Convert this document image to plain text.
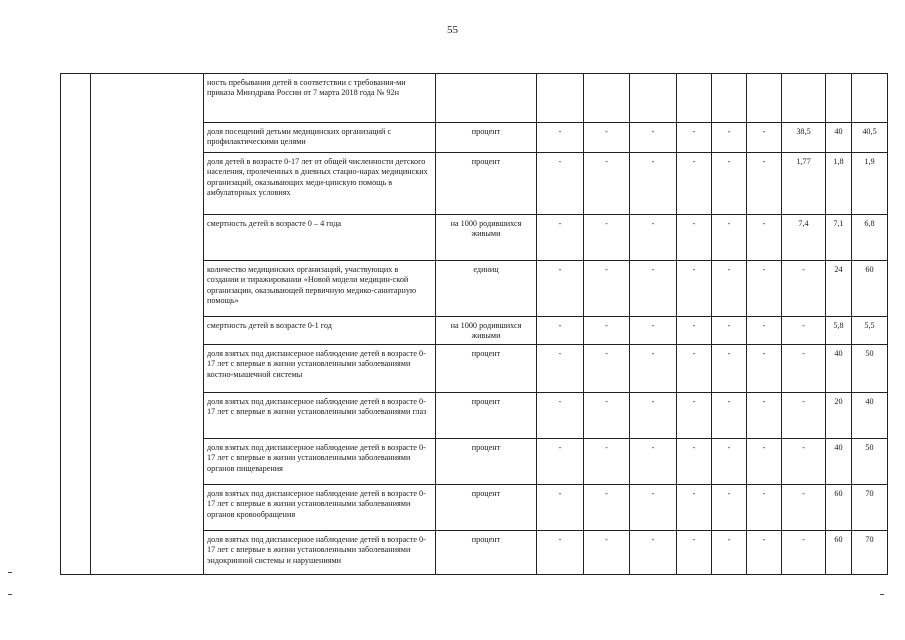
55
		ность пребывания детей в соответствии с требования-ми приказа Минздрава России от 7 марта 2018 года № 92н										
		доля посещений детьми медицинских организаций с профилактическими целями	процент	-	-	-	-	-	-	38,5	40	40,5
		доля детей в возрасте 0-17 лет от общей численности детского населения, пролеченных в дневных стацио-нарах медицинских организаций, оказывающих меди-цинскую помощь в амбулаторных условиях	процент	-	-	-	-	-	-	1,77	1,8	1,9
		смертность детей в возрасте 0 – 4 года	на 1000 родившихся живыми	-	-	-	-	-	-	7,4	7,1	6,8
		количество медицинских организаций, участвующих в создании и тиражировании «Новой модели медицин-ской организации, оказывающей первичную медико-санитарную помощь»	единиц	-	-	-	-	-	-	-	24	60
		смертность детей в возрасте 0-1 год	на 1000 родившихся живыми	-	-	-	-	-	-	-	5,8	5,5
		доля взятых под диспансерное наблюдение детей в возрасте 0-17 лет с впервые в жизни установленными заболеваниями костно-мышечной системы	процент	-	-	-	-	-	-	-	40	50
		доля взятых под диспансерное наблюдение детей в возрасте 0-17 лет с впервые в жизни установленными заболеваниями глаз	процент	-	-	-	-	-	-	-	20	40
		доля взятых под диспансерное наблюдение детей в возрасте 0-17 лет с впервые в жизни установленными заболеваниями органов пищеварения	процент	-	-	-	-	-	-	-	40	50
		доля взятых под диспансерное наблюдение детей в возрасте 0-17 лет с впервые в жизни установленными заболеваниями органов кровообращения	процент	-	-	-	-	-	-	-	60	70
		доля взятых под диспансерное наблюдение детей в возрасте 0-17 лет с впервые в жизни установленными заболеваниями эндокринной системы и нарушениями	процент	-	-	-	-	-	-	-	60	70
